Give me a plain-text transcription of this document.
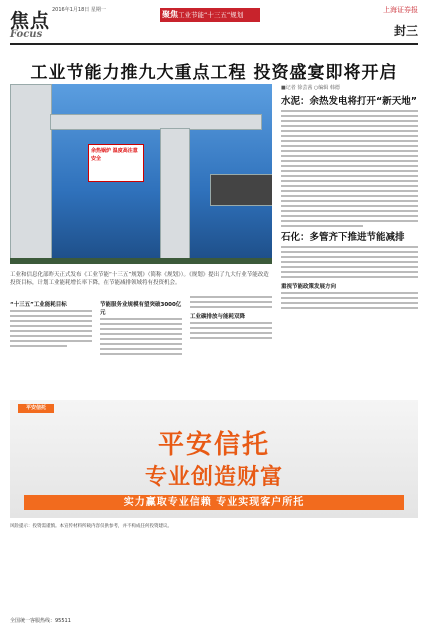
焦点
Focus
2016年1月18日 星期一	聚焦 工业节能“十三五”规划
上海证券报
封三
工业节能力推九大重点工程 投资盛宴即将开启
余热锅炉 温度高注意安全
工业和信息化部昨天正式发布《工业节能“十三五”规划》（简称《规划》）。《规划》提出了九大行业节能改造投资目标，计划工业能耗增长率下降，在节能减排领域将有投资机会。
“十三五”工业能耗目标	节能服务业规模有望突破3000亿元
工业碳排放与能耗双降
■记者 徐芸茜 ○编辑 韩德
水泥：余热发电将打开“新天地”
石化：多管齐下推进节能减排
重视节能政策发展方向
平安信托
平安信托
专业创造财富
实力赢取专业信赖 专业实现客户所托
风险提示：投资需谨慎。本宣传材料所载内容仅供参考，并不构成任何投资建议。
全国统一客服热线：95511
